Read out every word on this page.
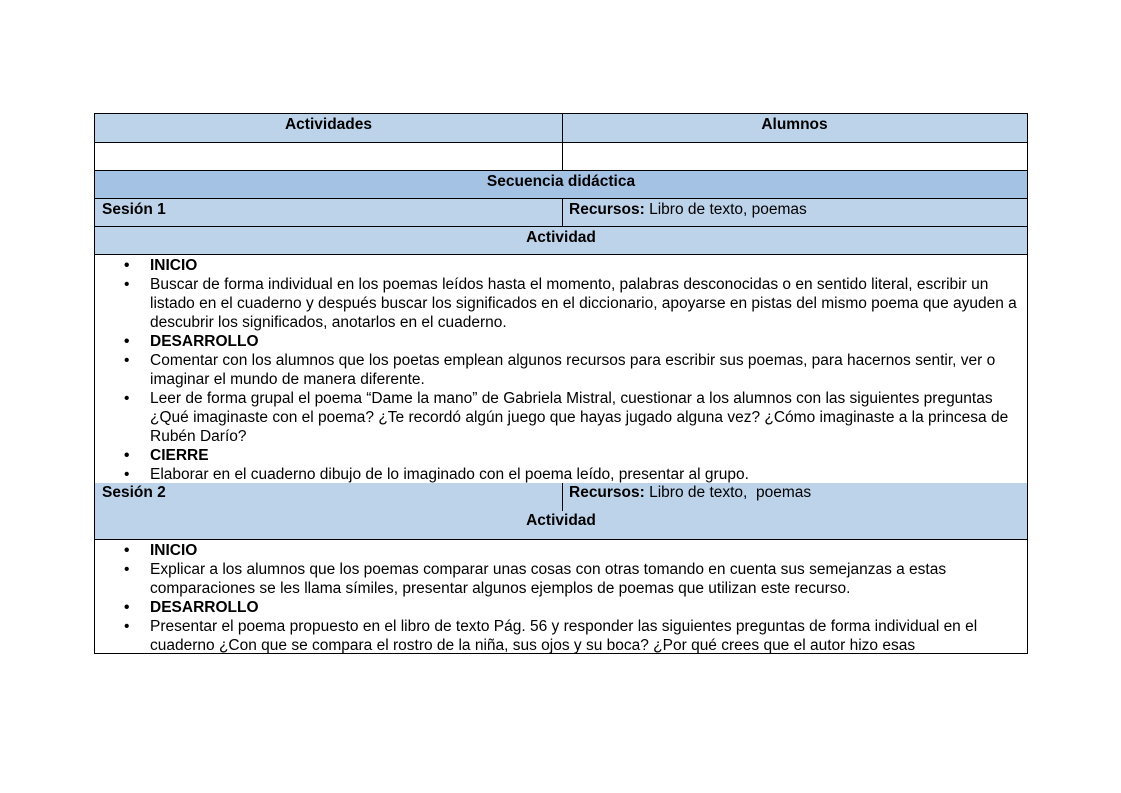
Actividades	Alumnos
Secuencia didáctica
Sesión 1	Recursos: Libro de texto, poemas
Actividad
• INICIO
• Buscar de forma individual en los poemas leídos hasta el momento, palabras desconocidas o en sentido literal, escribir un listado en el cuaderno y después buscar los significados en el diccionario, apoyarse en pistas del mismo poema que ayuden a descubrir los significados, anotarlos en el cuaderno.
• DESARROLLO
• Comentar con los alumnos que los poetas emplean algunos recursos para escribir sus poemas, para hacernos sentir, ver o imaginar el mundo de manera diferente.
• Leer de forma grupal el poema “Dame la mano” de Gabriela Mistral, cuestionar a los alumnos con las siguientes preguntas ¿Qué imaginaste con el poema? ¿Te recordó algún juego que hayas jugado alguna vez? ¿Cómo imaginaste a la princesa de Rubén Darío?
• CIERRE
• Elaborar en el cuaderno dibujo de lo imaginado con el poema leído, presentar al grupo.
Sesión 2	Recursos: Libro de texto,  poemas
Actividad
• INICIO
• Explicar a los alumnos que los poemas comparar unas cosas con otras tomando en cuenta sus semejanzas a estas comparaciones se les llama símiles, presentar algunos ejemplos de poemas que utilizan este recurso.
• DESARROLLO
• Presentar el poema propuesto en el libro de texto Pág. 56 y responder las siguientes preguntas de forma individual en el cuaderno ¿Con que se compara el rostro de la niña, sus ojos y su boca? ¿Por qué crees que el autor hizo esas
